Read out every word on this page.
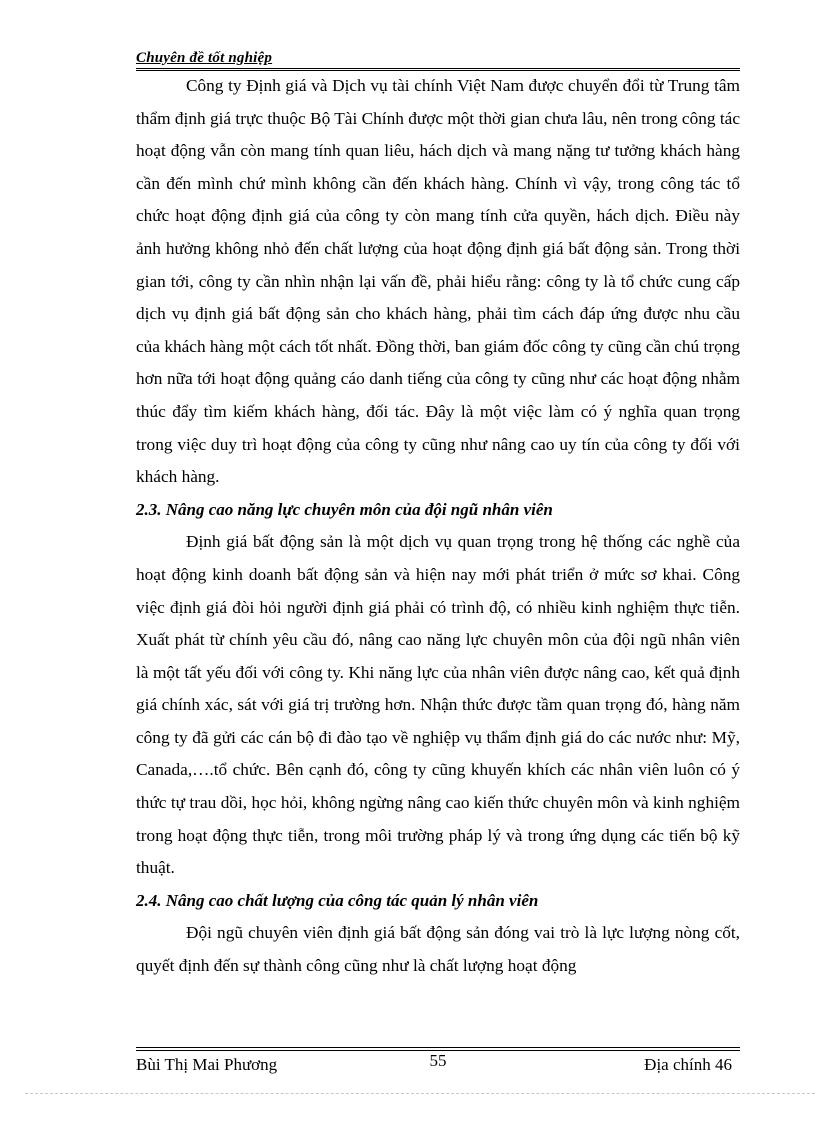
Chuyên đề tốt nghiệp

Công ty Định giá và Dịch vụ tài chính Việt Nam được chuyển đổi từ Trung tâm thẩm định giá trực thuộc Bộ Tài Chính được một thời gian chưa lâu, nên trong công tác hoạt động vẫn còn mang tính quan liêu, hách dịch và mang nặng tư tưởng khách hàng cần đến mình chứ mình không cần đến khách hàng. Chính vì vậy, trong công tác tổ chức hoạt động định giá của công ty còn mang tính cửa quyền, hách dịch. Điều này ảnh hưởng không nhỏ đến chất lượng của hoạt động định giá bất động sản. Trong thời gian tới, công ty cần nhìn nhận lại vấn đề, phải hiểu rằng: công ty là tổ chức cung cấp dịch vụ định giá bất động sản cho khách hàng, phải tìm cách đáp ứng được nhu cầu của khách hàng một cách tốt nhất. Đồng thời, ban giám đốc công ty cũng cần chú trọng hơn nữa tới hoạt động quảng cáo danh tiếng của công ty cũng như các hoạt động nhằm thúc đẩy tìm kiếm khách hàng, đối tác. Đây là một việc làm có ý nghĩa quan trọng trong việc duy trì hoạt động của công ty cũng như nâng cao uy tín của công ty đối với khách hàng.

2.3. Nâng cao năng lực chuyên môn của đội ngũ nhân viên

Định giá bất động sản là một dịch vụ quan trọng trong hệ thống các nghề của hoạt động kinh doanh bất động sản và hiện nay mới phát triển ở mức sơ khai. Công việc định giá đòi hỏi người định giá phải có trình độ, có nhiều kinh nghiệm thực tiễn. Xuất phát từ chính yêu cầu đó, nâng cao năng lực chuyên môn của đội ngũ nhân viên là một tất yếu đối với công ty. Khi năng lực của nhân viên được nâng cao, kết quả định giá chính xác, sát với giá trị trường hơn. Nhận thức được tầm quan trọng đó, hàng năm công ty đã gửi các cán bộ đi đào tạo về nghiệp vụ thẩm định giá do các nước như: Mỹ, Canada,….tổ chức. Bên cạnh đó, công ty cũng khuyến khích các nhân viên luôn có ý thức tự trau dồi, học hỏi, không ngừng nâng cao kiến thức chuyên môn và kinh nghiệm trong hoạt động thực tiễn, trong môi trường pháp lý và trong ứng dụng các tiến bộ kỹ thuật.

2.4. Nâng cao chất lượng của công tác quản lý nhân viên

Đội ngũ chuyên viên định giá bất động sản đóng vai trò là lực lượng nòng cốt, quyết định đến sự thành công cũng như là chất lượng hoạt động

Bùi Thị Mai Phương	55	Địa chính 46
